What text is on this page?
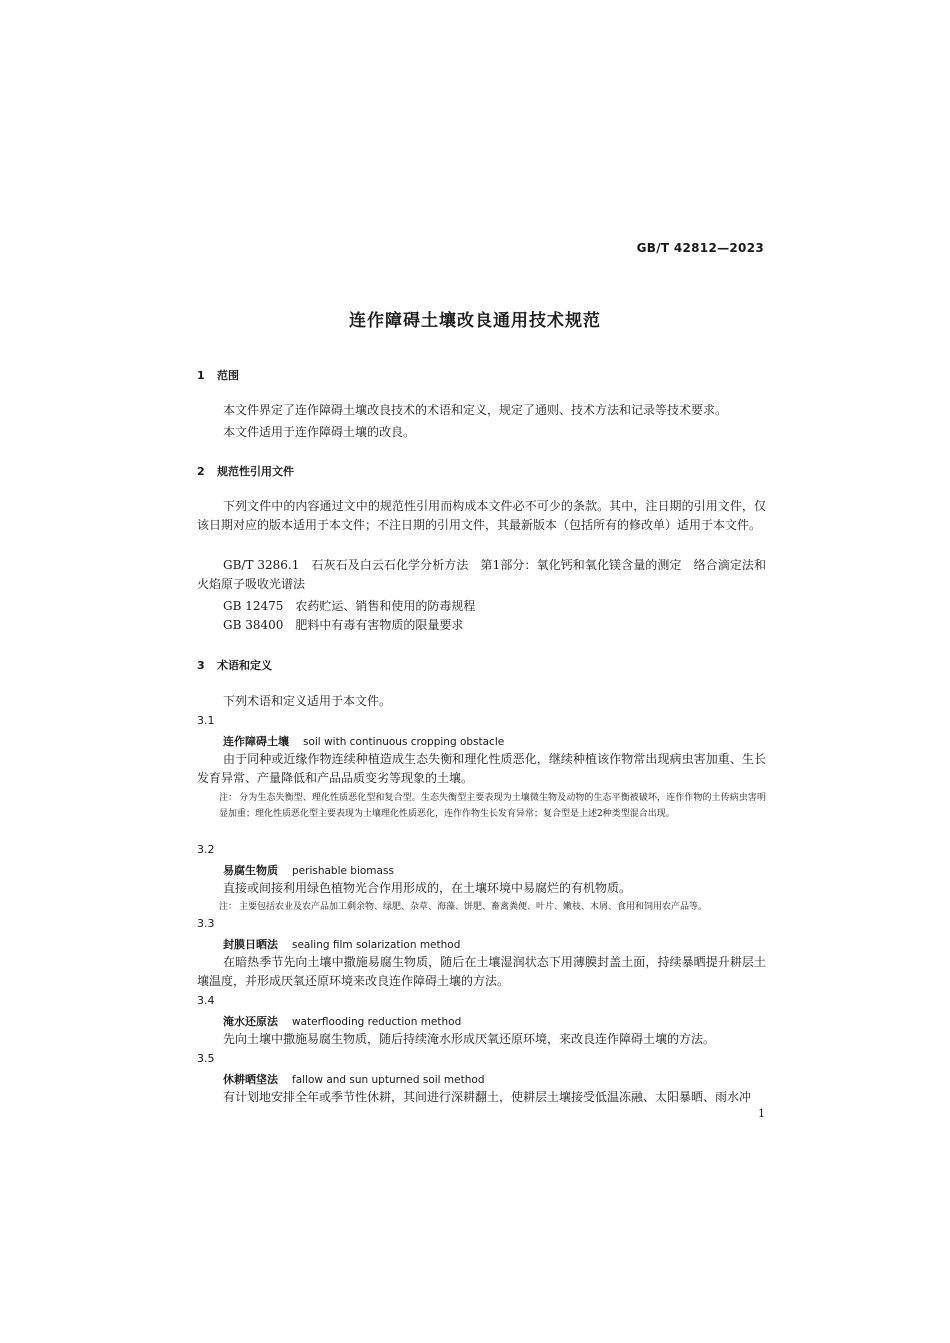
GB/T 42812—2023
连作障碍土壤改良通用技术规范
1 范围

本文件界定了连作障碍土壤改良技术的术语和定义，规定了通则、技术方法和记录等技术要求。

本文件适用于连作障碍土壤的改良。

2 规范性引用文件

下列文件中的内容通过文中的规范性引用而构成本文件必不可少的条款。其中，注日期的引用文件，仅该日期对应的版本适用于本文件；不注日期的引用文件，其最新版本（包括所有的修改单）适用于本文件。

GB/T 3286.1 石灰石及白云石化学分析方法　第1部分：氧化钙和氧化镁含量的测定　络合滴定法和火焰原子吸收光谱法

GB 12475 农药贮运、销售和使用的防毒规程

GB 38400 肥料中有毒有害物质的限量要求

3 术语和定义

下列术语和定义适用于本文件。

3.1
连作障碍土壤 soil with continuous cropping obstacle

由于同种或近缘作物连续种植造成生态失衡和理化性质恶化，继续种植该作物常出现病虫害加重、生长发育异常、产量降低和产品品质变劣等现象的土壤。

注： 分为生态失衡型、理化性质恶化型和复合型。生态失衡型主要表现为土壤微生物及动物的生态平衡被破坏，连作作物的土传病虫害明显加重；理化性质恶化型主要表现为土壤理化性质恶化，连作作物生长发育异常；复合型是上述2种类型混合出现。

3.2
易腐生物质 perishable biomass

直接或间接利用绿色植物光合作用形成的，在土壤环境中易腐烂的有机物质。

注： 主要包括农业及农产品加工剩余物、绿肥、杂草、海藻、饼肥、畜禽粪便、叶片、嫩枝、木屑、食用和饲用农产品等。

3.3
封膜日晒法 sealing film solarization method

在暗热季节先向土壤中撒施易腐生物质，随后在土壤湿润状态下用薄膜封盖土面，持续暴晒提升耕层土壤温度，并形成厌氧还原环境来改良连作障碍土壤的方法。

3.4
淹水还原法 waterflooding reduction method

先向土壤中撒施易腐生物质，随后持续淹水形成厌氧还原环境，来改良连作障碍土壤的方法。

3.5
休耕晒垡法 fallow and sun upturned soil method

有计划地安排全年或季节性休耕，其间进行深耕翻土，使耕层土壤接受低温冻融、太阳暴晒、雨水冲

1
